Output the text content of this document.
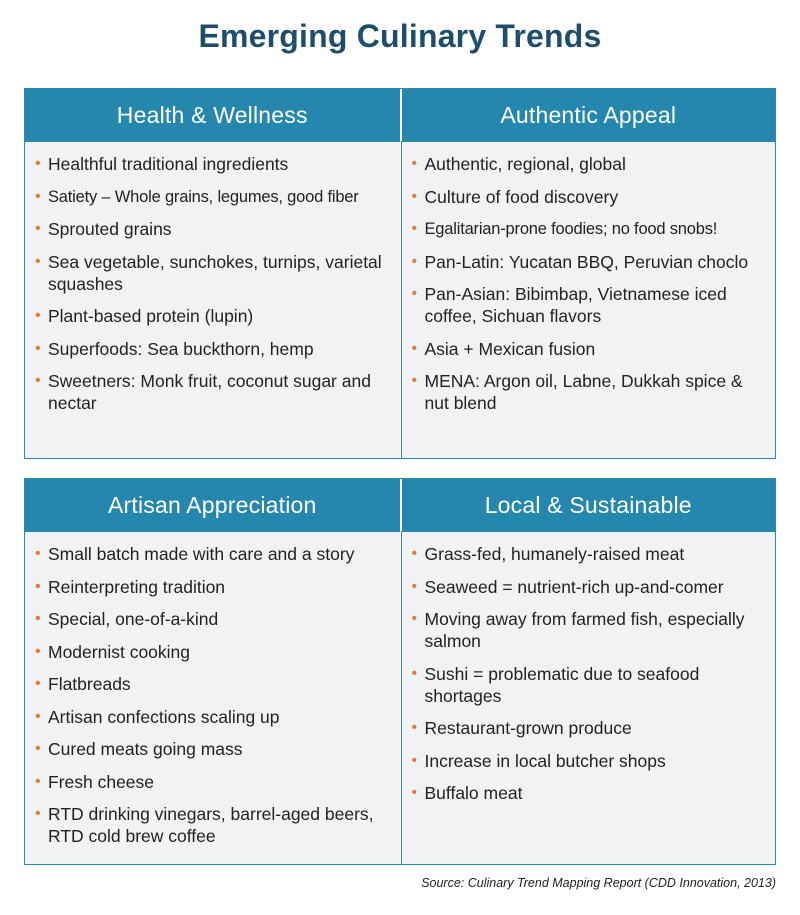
Emerging Culinary Trends
Health & Wellness
• Healthful traditional ingredients
• Satiety – Whole grains, legumes, good fiber
• Sprouted grains
• Sea vegetable, sunchokes, turnips, varietal squashes
• Plant-based protein (lupin)
• Superfoods: Sea buckthorn, hemp
• Sweetners: Monk fruit, coconut sugar and nectar
Authentic Appeal
• Authentic, regional, global
• Culture of food discovery
• Egalitarian-prone foodies; no food snobs!
• Pan-Latin: Yucatan BBQ, Peruvian choclo
• Pan-Asian: Bibimbap, Vietnamese iced coffee, Sichuan flavors
• Asia + Mexican fusion
• MENA: Argon oil, Labne, Dukkah spice & nut blend
Artisan Appreciation
• Small batch made with care and a story
• Reinterpreting tradition
• Special, one-of-a-kind
• Modernist cooking
• Flatbreads
• Artisan confections scaling up
• Cured meats going mass
• Fresh cheese
• RTD drinking vinegars, barrel-aged beers, RTD cold brew coffee
Local & Sustainable
• Grass-fed, humanely-raised meat
• Seaweed = nutrient-rich up-and-comer
• Moving away from farmed fish, especially salmon
• Sushi = problematic due to seafood shortages
• Restaurant-grown produce
• Increase in local butcher shops
• Buffalo meat
Source: Culinary Trend Mapping Report (CDD Innovation, 2013)
